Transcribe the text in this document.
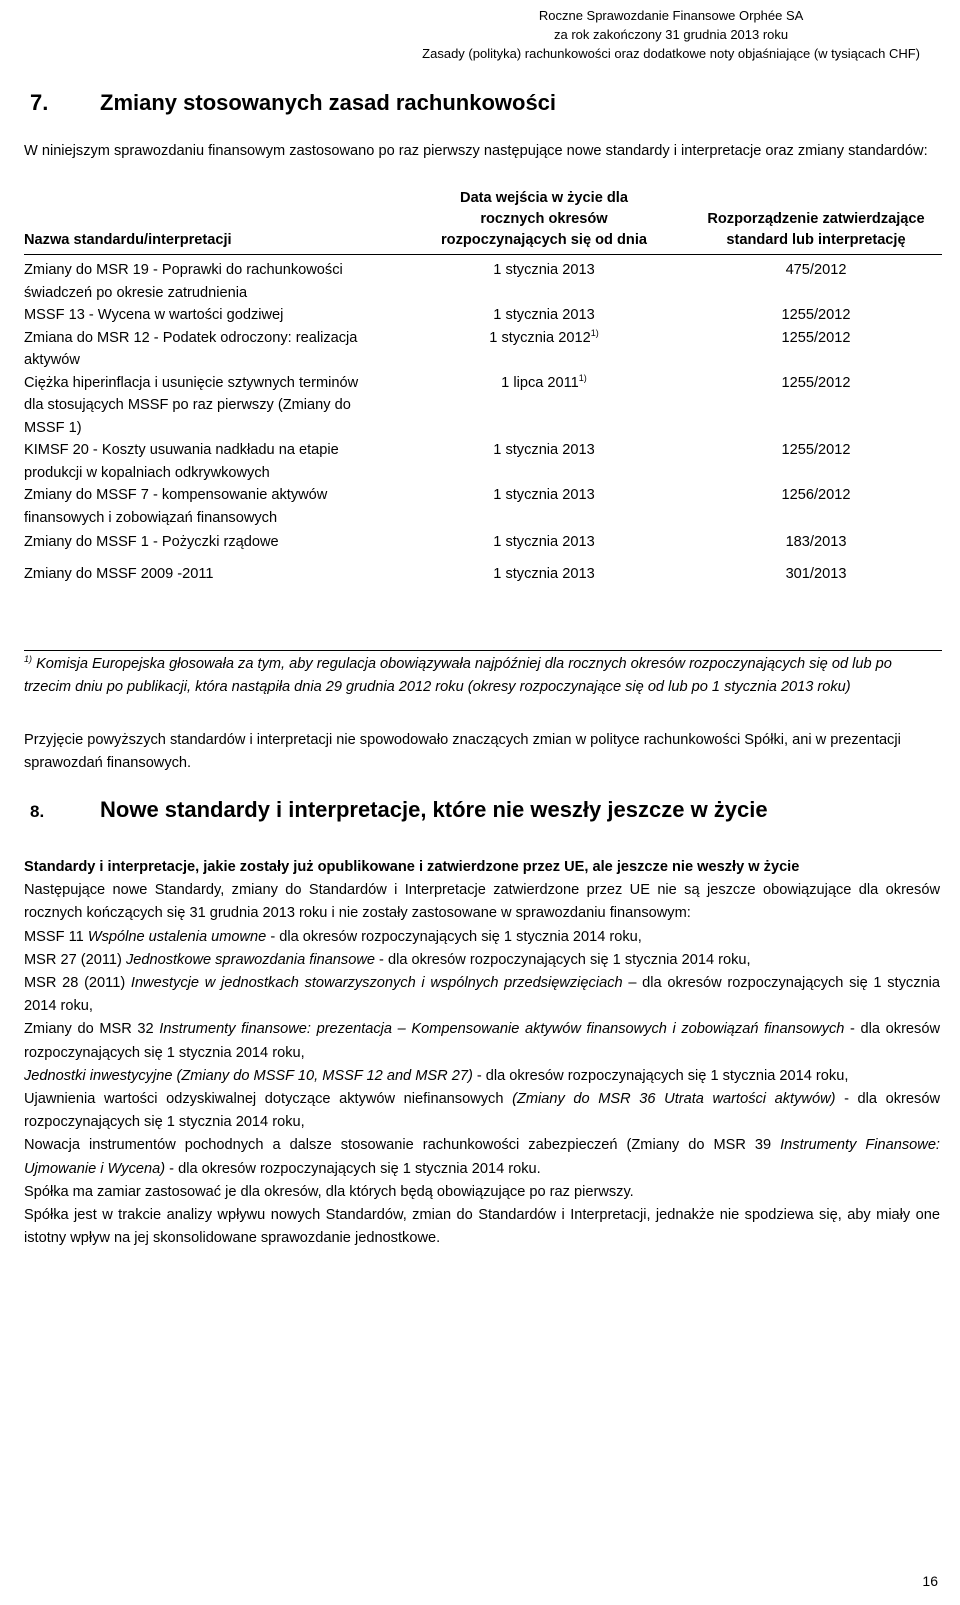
Roczne Sprawozdanie Finansowe Orphée SA
za rok zakończony 31 grudnia 2013 roku
Zasady (polityka) rachunkowości oraz dodatkowe noty objaśniające (w tysiącach CHF)
7. Zmiany stosowanych zasad rachunkowości
W niniejszym sprawozdaniu finansowym zastosowano po raz pierwszy następujące nowe standardy i interpretacje oraz zmiany standardów:
Nazwa standardu/interpretacji	Data wejścia w życie dla rocznych okresów rozpoczynających się od dnia	Rozporządzenie zatwierdzające standard lub interpretację
Zmiany do MSR 19 - Poprawki do rachunkowości świadczeń po okresie zatrudnienia	1 stycznia 2013	475/2012
MSSF 13 - Wycena w wartości godziwej	1 stycznia 2013	1255/2012
Zmiana do MSR 12 - Podatek odroczony: realizacja aktywów	1 stycznia 2012$^{1)}$	1255/2012
Ciężka hiperinflacja i usunięcie sztywnych terminów dla stosujących MSSF po raz pierwszy (Zmiany do MSSF 1)	1 lipca 2011$^{1)}$	1255/2012
KIMSF 20 - Koszty usuwania nadkładu na etapie produkcji w kopalniach odkrywkowych	1 stycznia 2013	1255/2012
Zmiany do MSSF 7 - kompensowanie aktywów finansowych i zobowiązań finansowych	1 stycznia 2013	1256/2012
Zmiany do MSSF 1 - Pożyczki rządowe	1 stycznia 2013	183/2013
Zmiany do MSSF 2009 -2011	1 stycznia 2013	301/2013
$^{1)}$ Komisja Europejska głosowała za tym, aby regulacja obowiązywała najpóźniej dla rocznych okresów rozpoczynających się od lub po trzecim dniu po publikacji, która nastąpiła dnia 29 grudnia 2012 roku (okresy rozpoczynające się od lub po 1 stycznia 2013 roku)
Przyjęcie powyższych standardów i interpretacji nie spowodowało znaczących zmian w polityce rachunkowości Spółki, ani w prezentacji sprawozdań finansowych.
8.	Nowe standardy i interpretacje, które nie weszły jeszcze w życie

Standardy i interpretacje, jakie zostały już opublikowane i zatwierdzone przez UE, ale jeszcze nie weszły w życie

Następujące nowe Standardy, zmiany do Standardów i Interpretacje zatwierdzone przez UE nie są jeszcze obowiązujące dla okresów rocznych kończących się 31 grudnia 2013 roku i nie zostały zastosowane w sprawozdaniu finansowym:

MSSF 11 Wspólne ustalenia umowne - dla okresów rozpoczynających się 1 stycznia 2014 roku,

MSR 27 (2011) Jednostkowe sprawozdania finansowe - dla okresów rozpoczynających się 1 stycznia 2014 roku,

MSR 28 (2011) Inwestycje w jednostkach stowarzyszonych i wspólnych przedsięwzięciach – dla okresów rozpoczynających się 1 stycznia 2014 roku,

Zmiany do MSR 32 Instrumenty finansowe: prezentacja – Kompensowanie aktywów finansowych i zobowiązań finansowych - dla okresów rozpoczynających się 1 stycznia 2014 roku,

Jednostki inwestycyjne (Zmiany do MSSF 10, MSSF 12 and MSR 27) - dla okresów rozpoczynających się 1 stycznia 2014 roku,

Ujawnienia wartości odzyskiwalnej dotyczące aktywów niefinansowych (Zmiany do MSR 36 Utrata wartości aktywów) - dla okresów rozpoczynających się 1 stycznia 2014 roku,

Nowacja instrumentów pochodnych a dalsze stosowanie rachunkowości zabezpieczeń (Zmiany do MSR 39 Instrumenty Finansowe: Ujmowanie i Wycena) - dla okresów rozpoczynających się 1 stycznia 2014 roku.

Spółka ma zamiar zastosować je dla okresów, dla których będą obowiązujące po raz pierwszy.

Spółka jest w trakcie analizy wpływu nowych Standardów, zmian do Standardów i Interpretacji, jednakże nie spodziewa się, aby miały one istotny wpływ na jej skonsolidowane sprawozdanie jednostkowe.

16
